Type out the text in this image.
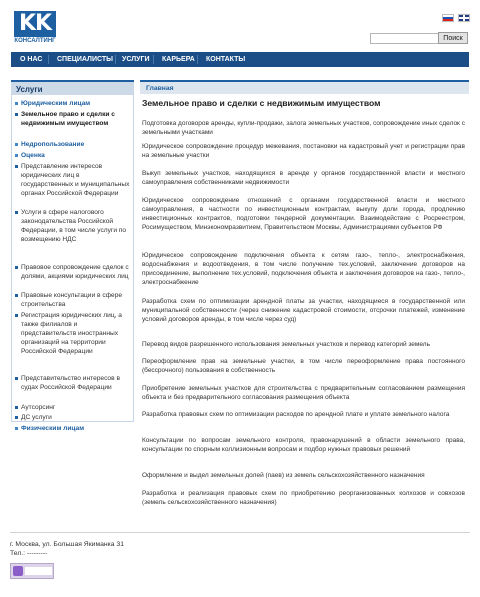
KK
КОНСАЛТИНГ	Поиск
О НАС СПЕЦИАЛИСТЫ УСЛУГИ КАРЬЕРА КОНТАКТЫ
Услуги
Юридическим лицам
Земельное право и сделки с недвижимым имуществом
Недропользование
Оценка
Представление интересов юридических лиц в государственных и муниципальных органах Российской Федерации
Услуги в сфере налогового законодательства Российской Федерации, в том числе услуги по возмещению НДС
Правовое сопровождение сделок с долями, акциями юридических лиц
Правовые консультации в сфере строительства
Регистрация юридических лиц, а также филиалов и представительств иностранных организаций на территории Российской Федерации
Представительство интересов в судах Российской Федерации
Аутсорсинг
ДС услуги
Физическим лицам
Главная
Земельное право и сделки с недвижимым имуществом
Подготовка договоров аренды, купли-продажи, залога земельных участков, сопровождение иных сделок с земельными участками
Юридическое сопровождение процедур межевания, постановки на кадастровый учет и регистрации прав на земельные участки
Выкуп земельных участков, находящихся в аренде у органов государственной власти и местного самоуправления собственниками недвижимости
Юридическое сопровождение отношений с органами государственной власти и местного самоуправления, в частности по инвестиционным контрактам, выкупу доли города, продлению инвестиционных контрактов, подготовки тендерной документации. Взаимодействие с Росреестром, Росимуществом, Минэкономразвитием, Правительством Москвы, Администрациями субъектов РФ
Юридическое сопровождение подключения объекта к сетям газо-, тепло-, электроснабжения, водоснабжения и водоотведения, в том числе получение тех.условий, заключение договоров на присоединение, выполнение тех.условий, подключения объекта и заключения договоров на газо-, тепло-, электроснабжение
Разработка схем по оптимизации арендной платы за участки, находящиеся в государственной или муниципальной собственности (через снижение кадастровой стоимости, отсрочки платежей, изменение условий договоров аренды, в том числе через суд)
Перевод видов разрешенного использования земельных участков и перевод категорий земель
Переоформление прав на земельные участки, в том числе переоформление права постоянного (бессрочного) пользования в собственность
Приобретение земельных участков для строительства с предварительным согласованием размещения объекта и без предварительного согласования размещения объекта
Разработка правовых схем по оптимизации расходов по арендной плате и уплате земельного налога
Консультации по вопросам земельного контроля, правонарушений в области земельного права, консультации по спорным коллизионным вопросам и подбор нужных правовых решений
Оформление и выдел земельных долей (паев) из земель сельскохозяйственного назначения
Разработка и реализация правовых схем по приобретению реорганизованных колхозов и совхозов (земель сельскохозяйственного назначения)
г. Москва, ул. Большая Якиманка 31
Тел.: ---------
